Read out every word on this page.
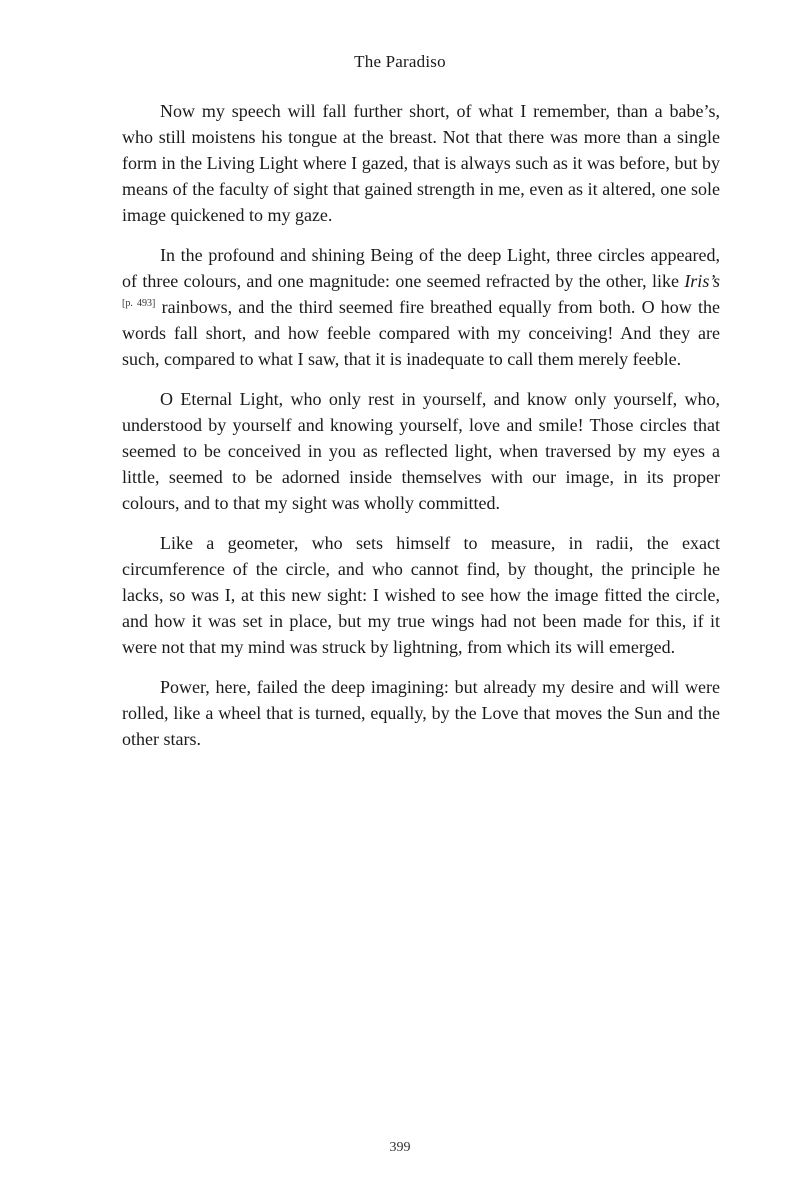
The Paradiso

Now my speech will fall further short, of what I remember, than a babe’s, who still moistens his tongue at the breast. Not that there was more than a single form in the Living Light where I gazed, that is always such as it was before, but by means of the faculty of sight that gained strength in me, even as it altered, one sole image quickened to my gaze.

In the profound and shining Being of the deep Light, three circles appeared, of three colours, and one magnitude: one seemed refracted by the other, like Iris’s [p. 493] rainbows, and the third seemed fire breathed equally from both. O how the words fall short, and how feeble compared with my conceiving! And they are such, compared to what I saw, that it is inadequate to call them merely feeble.

O Eternal Light, who only rest in yourself, and know only yourself, who, understood by yourself and knowing yourself, love and smile! Those circles that seemed to be conceived in you as reflected light, when traversed by my eyes a little, seemed to be adorned inside themselves with our image, in its proper colours, and to that my sight was wholly committed.

Like a geometer, who sets himself to measure, in radii, the exact circumference of the circle, and who cannot find, by thought, the principle he lacks, so was I, at this new sight: I wished to see how the image fitted the circle, and how it was set in place, but my true wings had not been made for this, if it were not that my mind was struck by lightning, from which its will emerged.

Power, here, failed the deep imagining: but already my desire and will were rolled, like a wheel that is turned, equally, by the Love that moves the Sun and the other stars.

399
